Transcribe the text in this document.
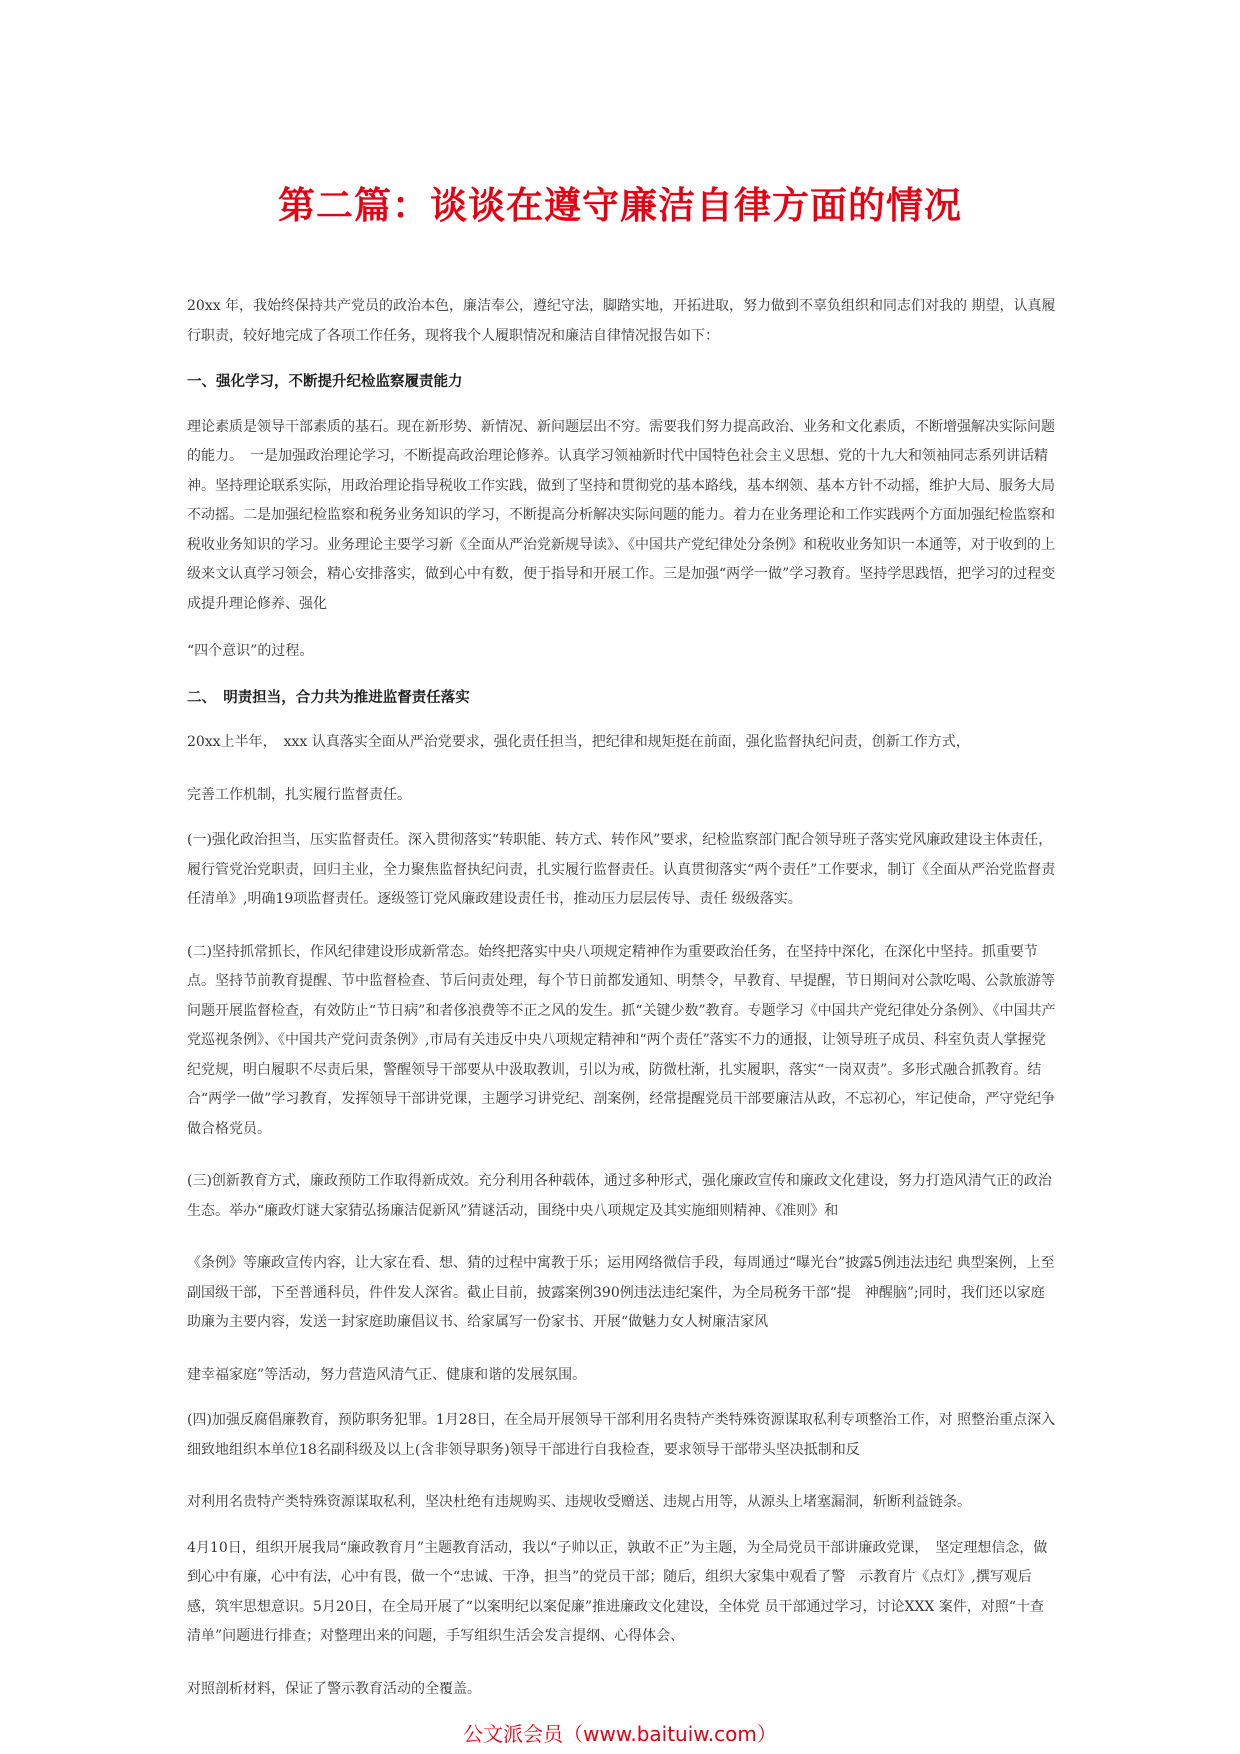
第二篇：谈谈在遵守廉洁自律方面的情况

20xx 年，我始终保持共产党员的政治本色，廉洁奉公，遵纪守法，脚踏实地，开拓进取，努力做到不辜负组织和同志们对我的 期望，认真履行职责，较好地完成了各项工作任务，现将我个人履职情况和廉洁自律情况报告如下：

一、强化学习，不断提升纪检监察履责能力

理论素质是领导干部素质的基石。现在新形势、新情况、新问题层出不穷。需要我们努力提高政治、业务和文化素质，不断增强解决实际问题的能力。　一是加强政治理论学习，不断提高政治理论修养。认真学习领袖新时代中国特色社会主义思想、党的十九大和领袖同志系列讲话精神。坚持理论联系实际，用政治理论指导税收工作实践，做到了坚持和贯彻党的基本路线，基本纲领、基本方针不动摇，维护大局、服务大局不动摇。二是加强纪检监察和税务业务知识的学习，不断提高分析解决实际问题的能力。着力在业务理论和工作实践两个方面加强纪检监察和税收业务知识的学习。业务理论主要学习新《全面从严治党新规导读》、《中国共产党纪律处分条例》和税收业务知识一本通等，对于收到的上级来文认真学习领会，精心安排落实，做到心中有数，便于指导和开展工作。三是加强“两学一做”学习教育。坚持学思践悟，把学习的过程变成提升理论修养、强化

“四个意识”的过程。

二、　明责担当，合力共为推进监督责任落实

20xx上半年，　xxx 认真落实全面从严治党要求，强化责任担当，把纪律和规矩挺在前面，强化监督执纪问责，创新工作方式，

完善工作机制，扎实履行监督责任。

(一)强化政治担当，压实监督责任。深入贯彻落实“转职能、转方式、转作风”要求，纪检监察部门配合领导班子落实党风廉政建设主体责任，履行管党治党职责，回归主业，全力聚焦监督执纪问责，扎实履行监督责任。认真贯彻落实“两个责任”工作要求，制订《全面从严治党监督责任清单》,明确19项监督责任。逐级签订党风廉政建设责任书，推动压力层层传导、责任 级级落实。

(二)坚持抓常抓长，作风纪律建设形成新常态。始终把落实中央八项规定精神作为重要政治任务，在坚持中深化，在深化中坚持。抓重要节点。坚持节前教育提醒、节中监督检查、节后问责处理，每个节日前都发通知、明禁令，早教育、早提醒，节日期间对公款吃喝、公款旅游等问题开展监督检查，有效防止“节日病”和者侈浪费等不正之风的发生。抓“关键少数”教育。专题学习《中国共产党纪律处分条例》、《中国共产党巡视条例》、《中国共产党问责条例》,市局有关违反中央八项规定精神和“两个责任”落实不力的通报，让领导班子成员、科室负责人掌握党纪党规，明白履职不尽责后果，警醒领导干部要从中汲取教训，引以为戒，防微杜渐，扎实履职，落实“一岗双责”。多形式融合抓教育。结合“两学一做”学习教育，发挥领导干部讲党课，主题学习讲党纪、剖案例，经常提醒党员干部要廉洁从政，不忘初心，牢记使命，严守党纪争做合格党员。

(三)创新教育方式，廉政预防工作取得新成效。充分利用各种载体，通过多种形式，强化廉政宣传和廉政文化建设，努力打造风清气正的政治生态。举办“廉政灯谜大家猜弘扬廉洁促新风”猜谜活动，围绕中央八项规定及其实施细则精神、《准则》和

《条例》等廉政宣传内容，让大家在看、想、猜的过程中寓教于乐；运用网络微信手段，每周通过“曝光台”披露5例违法违纪 典型案例，上至副国级干部，下至普通科员，件件发人深省。截止目前，披露案例390例违法违纪案件，为全局税务干部“提　神醒脑”;同时，我们还以家庭助廉为主要内容，发送一封家庭助廉倡议书、给家属写一份家书、开展“做魅力女人树廉洁家风

建幸福家庭”等活动，努力营造风清气正、健康和谐的发展氛围。

(四)加强反腐倡廉教育，预防职务犯罪。1月28日，在全局开展领导干部利用名贵特产类特殊资源谋取私利专项整治工作，对 照整治重点深入细致地组织本单位18名副科级及以上(含非领导职务)领导干部进行自我检查，要求领导干部带头坚决抵制和反

对利用名贵特产类特殊资源谋取私利，坚决杜绝有违规购买、违规收受赠送、违规占用等，从源头上堵塞漏洞，斩断利益链条。

4月10日，组织开展我局“廉政教育月”主题教育活动，我以“子帅以正，孰敢不正”为主题，为全局党员干部讲廉政党课，　坚定理想信念，做到心中有廉，心中有法，心中有畏，做一个“忠诚、干净，担当”的党员干部；随后，组织大家集中观看了警　示教育片《点灯》,撰写观后感，筑牢思想意识。5月20日，在全局开展了“以案明纪以案促廉”推进廉政文化建设，全体党 员干部通过学习，讨论XXX 案件，对照“十查清单”问题进行排查；对整理出来的问题，手写组织生活会发言提纲、心得体会、

对照剖析材料，保证了警示教育活动的全覆盖。

公文派会员（www.baituiw.com）
